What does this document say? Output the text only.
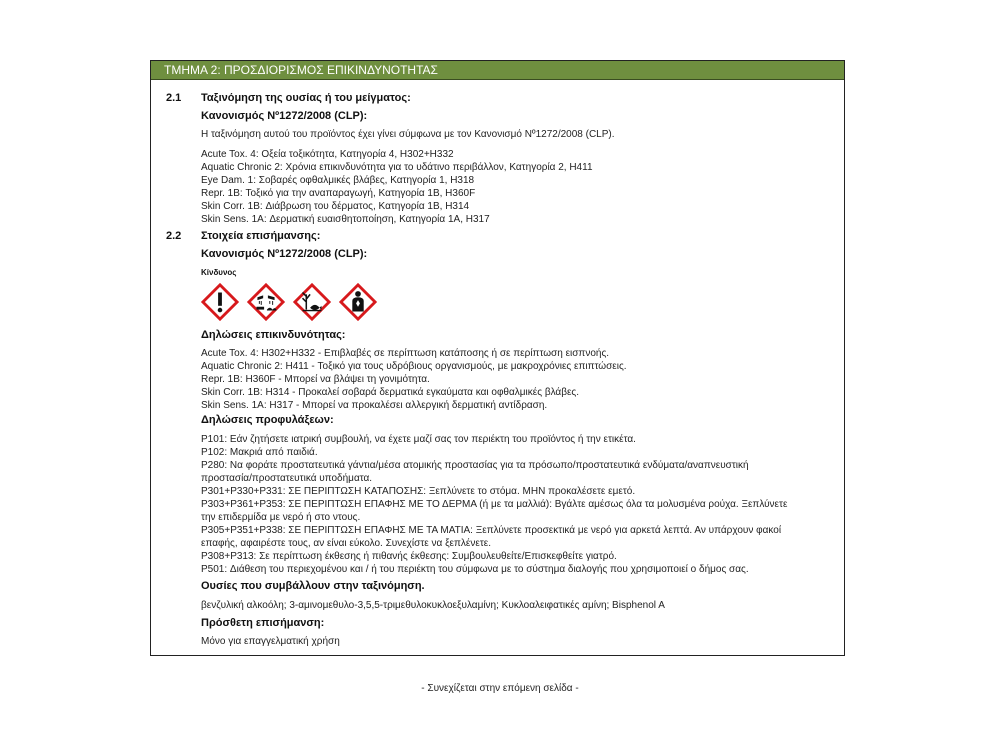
ΤΜΗΜΑ 2: ΠΡΟΣΔΙΟΡΙΣΜΟΣ ΕΠΙΚΙΝΔΥΝΟΤΗΤΑΣ
2.1 Ταξινόμηση της ουσίας ή του μείγματος:
Κανονισμός Nº1272/2008 (CLP):
Η ταξινόμηση αυτού του προϊόντος έχει γίνει σύμφωνα με τον Κανονισμό Nº1272/2008 (CLP).
Acute Tox. 4: Οξεία τοξικότητα, Κατηγορία 4, H302+H332
Aquatic Chronic 2: Χρόνια επικινδυνότητα για το υδάτινο περιβάλλον, Κατηγορία 2, H411
Eye Dam. 1: Σοβαρές οφθαλμικές βλάβες, Κατηγορία 1, H318
Repr. 1B: Τοξικό για την αναπαραγωγή, Κατηγορία 1B, H360F
Skin Corr. 1B: Διάβρωση του δέρματος, Κατηγορία 1B, H314
Skin Sens. 1A: Δερματική ευαισθητοποίηση, Κατηγορία 1A, H317
2.2 Στοιχεία επισήμανσης:
Κανονισμός Nº1272/2008 (CLP):
Κίνδυνος
Δηλώσεις επικινδυνότητας:
Acute Tox. 4: H302+H332 - Επιβλαβές σε περίπτωση κατάποσης ή σε περίπτωση εισπνοής.
Aquatic Chronic 2: H411 - Τοξικό για τους υδρόβιους οργανισμούς, με μακροχρόνιες επιπτώσεις.
Repr. 1B: H360F - Μπορεί να βλάψει τη γονιμότητα.
Skin Corr. 1B: H314 - Προκαλεί σοβαρά δερματικά εγκαύματα και οφθαλμικές βλάβες.
Skin Sens. 1A: H317 - Μπορεί να προκαλέσει αλλεργική δερματική αντίδραση.
Δηλώσεις προφυλάξεων:
P101: Εάν ζητήσετε ιατρική συμβουλή, να έχετε μαζί σας τον περιέκτη του προϊόντος ή την ετικέτα.
P102: Μακριά από παιδιά.
P280: Να φοράτε προστατευτικά γάντια/μέσα ατομικής προστασίας για τα πρόσωπο/προστατευτικά ενδύματα/αναπνευστική
προστασία/προστατευτικά υποδήματα.
P301+P330+P331: ΣΕ ΠΕΡΙΠΤΩΣΗ ΚΑΤΑΠΟΣΗΣ: Ξεπλύνετε το στόμα. ΜΗΝ προκαλέσετε εμετό.
P303+P361+P353: ΣΕ ΠΕΡΙΠΤΩΣΗ ΕΠΑΦΗΣ ΜΕ ΤΟ ΔΕΡΜΑ (ή με τα μαλλιά): Βγάλτε αμέσως όλα τα μολυσμένα ρούχα. Ξεπλύνετε
την επιδερμίδα με νερό ή στο ντους.
P305+P351+P338: ΣΕ ΠΕΡΙΠΤΩΣΗ ΕΠΑΦΗΣ ΜΕ ΤΑ ΜΑΤΙΑ: Ξεπλύνετε προσεκτικά με νερό για αρκετά λεπτά. Αν υπάρχουν φακοί
επαφής, αφαιρέστε τους, αν είναι εύκολο. Συνεχίστε να ξεπλένετε.
P308+P313: Σε περίπτωση έκθεσης ή πιθανής έκθεσης: Συμβουλευθείτε/Επισκεφθείτε γιατρό.
P501: Διάθεση του περιεχομένου και / ή του περιέκτη του σύμφωνα με το σύστημα διαλογής που χρησιμοποιεί ο δήμος σας.
Ουσίες που συμβάλλουν στην ταξινόμηση.
βενζυλική αλκοόλη; 3-αμινομεθυλο-3,5,5-τριμεθυλοκυκλοεξυλαμίνη; Κυκλοαλειφατικές αμίνη; Bisphenol A
Πρόσθετη επισήμανση:
Μόνο για επαγγελματική χρήση
- Συνεχίζεται στην επόμενη σελίδα -
